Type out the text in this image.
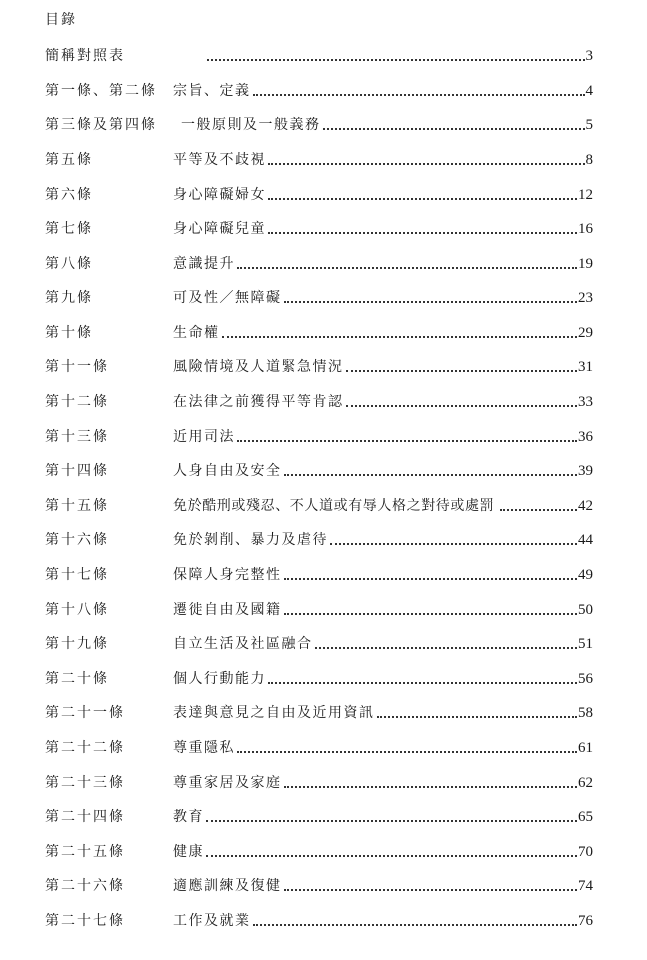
目錄
簡稱對照表	3
第一條、第二條	宗旨、定義	4
第三條及第四條	一般原則及一般義務	5
第五條	平等及不歧視	8
第六條	身心障礙婦女	12
第七條	身心障礙兒童	16
第八條	意識提升	19
第九條	可及性／無障礙	23
第十條	生命權	29
第十一條	風險情境及人道緊急情況	31
第十二條	在法律之前獲得平等肯認	33
第十三條	近用司法	36
第十四條	人身自由及安全	39
第十五條	免於酷刑或殘忍、不人道或有辱人格之對待或處罰	42
第十六條	免於剝削、暴力及虐待	44
第十七條	保障人身完整性	49
第十八條	遷徙自由及國籍	50
第十九條	自立生活及社區融合	51
第二十條	個人行動能力	56
第二十一條	表達與意見之自由及近用資訊	58
第二十二條	尊重隱私	61
第二十三條	尊重家居及家庭	62
第二十四條	教育	65
第二十五條	健康	70
第二十六條	適應訓練及復健	74
第二十七條	工作及就業	76
